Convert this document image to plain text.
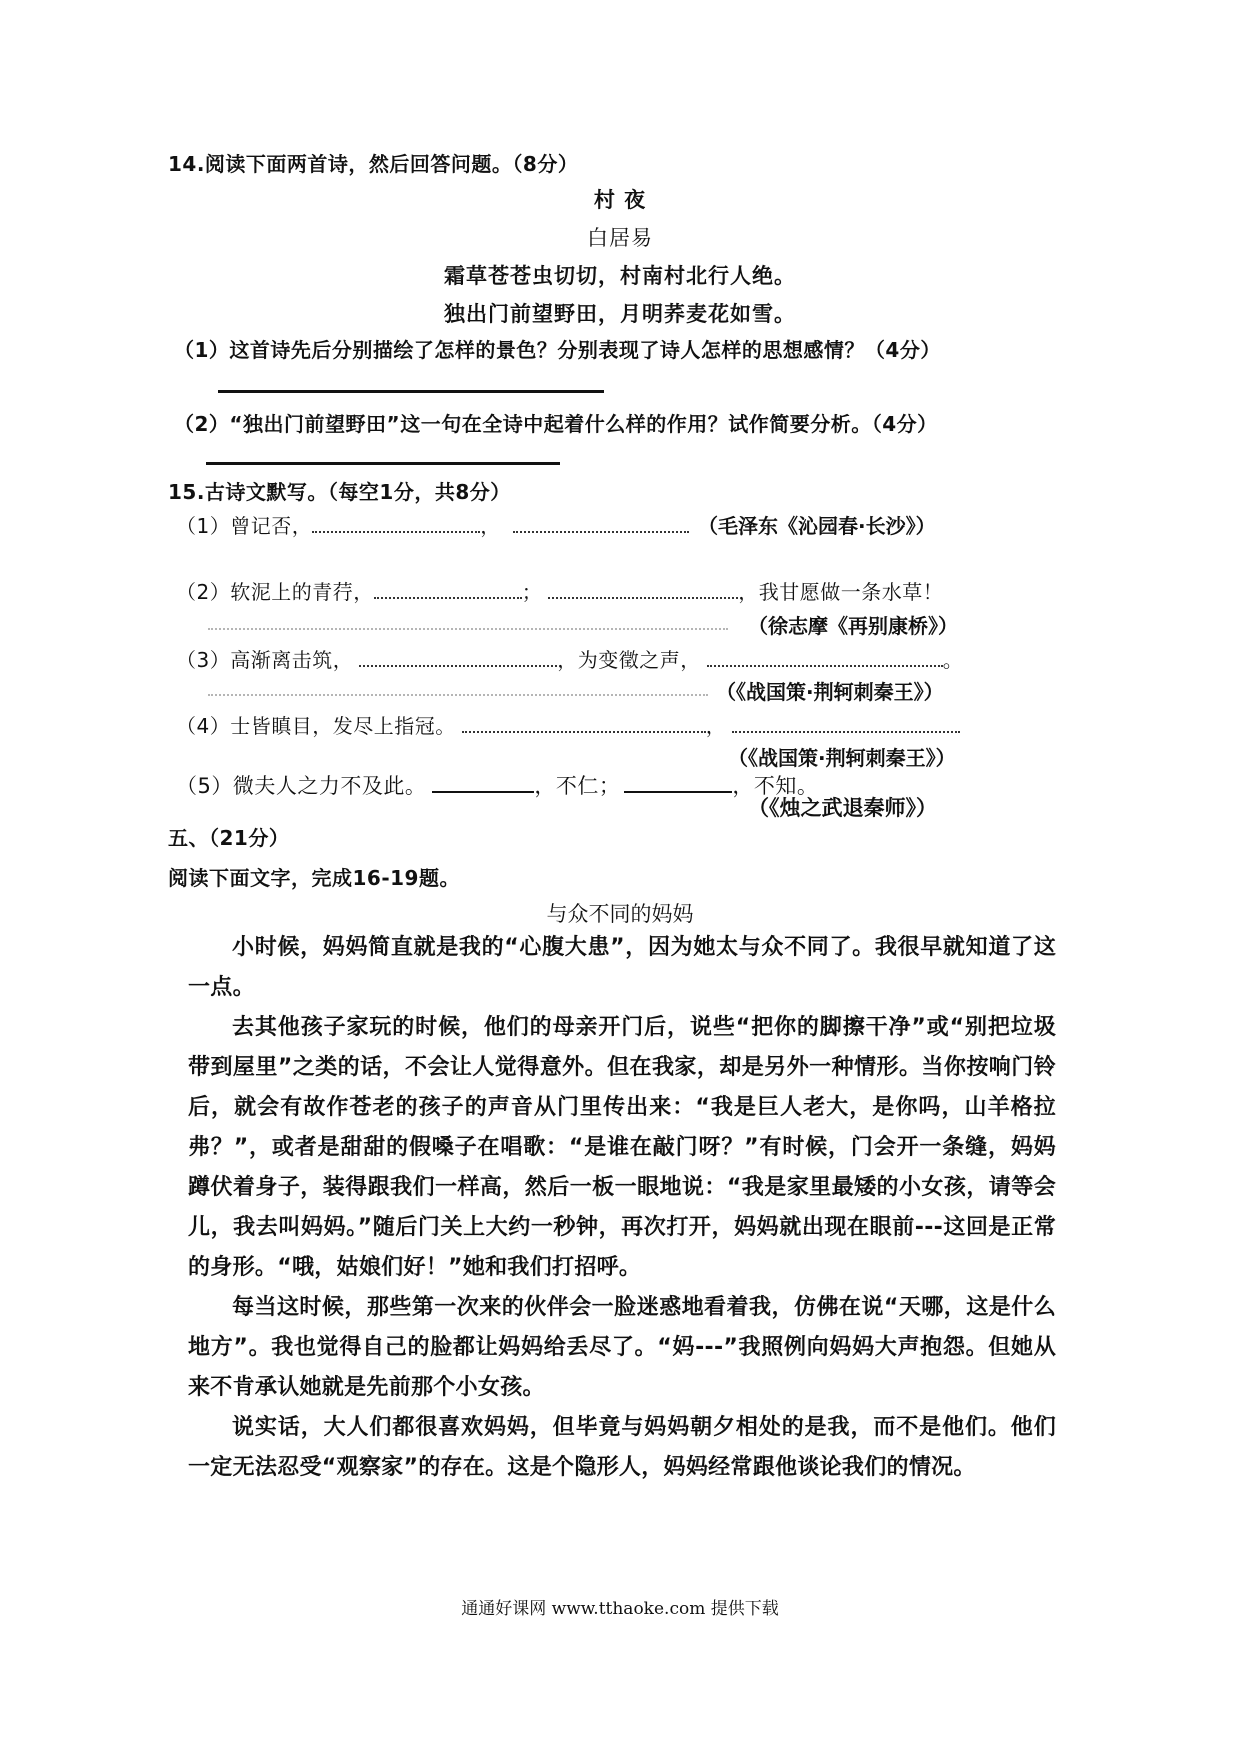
14.阅读下面两首诗，然后回答问题。（8分）
村 夜
白居易
霜草苍苍虫切切，村南村北行人绝。
独出门前望野田，月明荞麦花如雪。
（1）这首诗先后分别描绘了怎样的景色？分别表现了诗人怎样的思想感情？（4分）
（2）“独出门前望野田”这一句在全诗中起着什么样的作用？试作简要分析。（4分）
15.古诗文默写。（每空1分，共8分）
（1）曾记否，	，	（毛泽东《沁园春·长沙》）
（2）软泥上的青荇，	；	，我甘愿做一条水草！
（徐志摩《再别康桥》）
（3）高渐离击筑，	，为变徵之声，	。
（《战国策·荆轲刺秦王》）
（4）士皆瞋目，发尽上指冠。	，
（《战国策·荆轲刺秦王》）
（5）微夫人之力不及此。	，不仁；	，不知。
（《烛之武退秦师》）
五、（21分）
阅读下面文字，完成16-19题。
与众不同的妈妈

小时候，妈妈简直就是我的“心腹大患”，因为她太与众不同了。我很早就知道了这一点。

去其他孩子家玩的时候，他们的母亲开门后，说些“把你的脚擦干净”或“别把垃圾带到屋里”之类的话，不会让人觉得意外。但在我家，却是另外一种情形。当你按响门铃后，就会有故作苍老的孩子的声音从门里传出来：“我是巨人老大，是你吗，山羊格拉弗？”，或者是甜甜的假嗓子在唱歌：“是谁在敲门呀？”有时候，门会开一条缝，妈妈蹲伏着身子，装得跟我们一样高，然后一板一眼地说：“我是家里最矮的小女孩，请等会儿，我去叫妈妈。”随后门关上大约一秒钟，再次打开，妈妈就出现在眼前---这回是正常的身形。“哦，姑娘们好！”她和我们打招呼。

每当这时候，那些第一次来的伙伴会一脸迷惑地看着我，仿佛在说“天哪，这是什么地方”。我也觉得自己的脸都让妈妈给丢尽了。“妈---”我照例向妈妈大声抱怨。但她从来不肯承认她就是先前那个小女孩。

说实话，大人们都很喜欢妈妈，但毕竟与妈妈朝夕相处的是我，而不是他们。他们一定无法忍受“观察家”的存在。这是个隐形人，妈妈经常跟他谈论我们的情况。

通通好课网 www.tthaoke.com 提供下载
